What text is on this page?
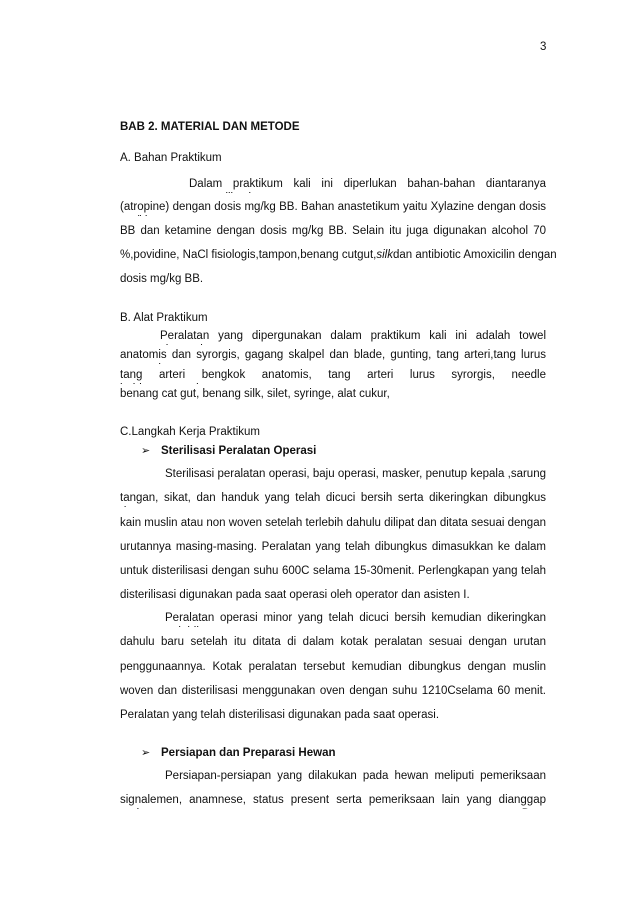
3
BAB 2. MATERIAL DAN METODE
A. Bahan Praktikum
Dalam praktikum kali ini diperlukan bahan-bahan diantaranya
(atropine) dengan dosis mg/kg BB. Bahan anastetikum yaitu Xylazine dengan dosis
BB dan ketamine dengan dosis mg/kg BB. Selain itu juga digunakan alcohol 70
%,povidine, NaCl fisiologis,tampon,benang cutgut, silk dan antibiotic Amoxicilin dengan
dosis mg/kg BB.
B. Alat Praktikum
Peralatan yang dipergunakan dalam praktikum kali ini adalah towel
anatomis dan syrorgis, gagang skalpel dan blade, gunting, tang arteri,tang lurus
tang arteri bengkok anatomis, tang arteri lurus syrorgis, needle
benang cat gut, benang silk, silet, syringe, alat cukur,
C.Langkah Kerja Praktikum
➢ Sterilisasi Peralatan Operasi
Sterilisasi peralatan operasi, baju operasi, masker, penutup kepala ,sarung
tangan, sikat, dan handuk yang telah dicuci bersih serta dikeringkan dibungkus
kain muslin atau non woven setelah terlebih dahulu dilipat dan ditata sesuai dengan
urutannya masing-masing. Peralatan yang telah dibungkus dimasukkan ke dalam
untuk disterilisasi dengan suhu 600C selama 15-30menit. Perlengkapan yang telah
disterilisasi digunakan pada saat operasi oleh operator dan asisten I.
Peralatan operasi minor yang telah dicuci bersih kemudian dikeringkan
dahulu baru setelah itu ditata di dalam kotak peralatan sesuai dengan urutan
penggunaannya. Kotak peralatan tersebut kemudian dibungkus dengan muslin
woven dan disterilisasi menggunakan oven dengan suhu 1210Cselama 60 menit.
Peralatan yang telah disterilisasi digunakan pada saat operasi.
➢ Persiapan dan Preparasi Hewan
Persiapan-persiapan yang dilakukan pada hewan meliputi pemeriksaan
signalemen, anamnese, status present serta pemeriksaan lain yang dianggap
